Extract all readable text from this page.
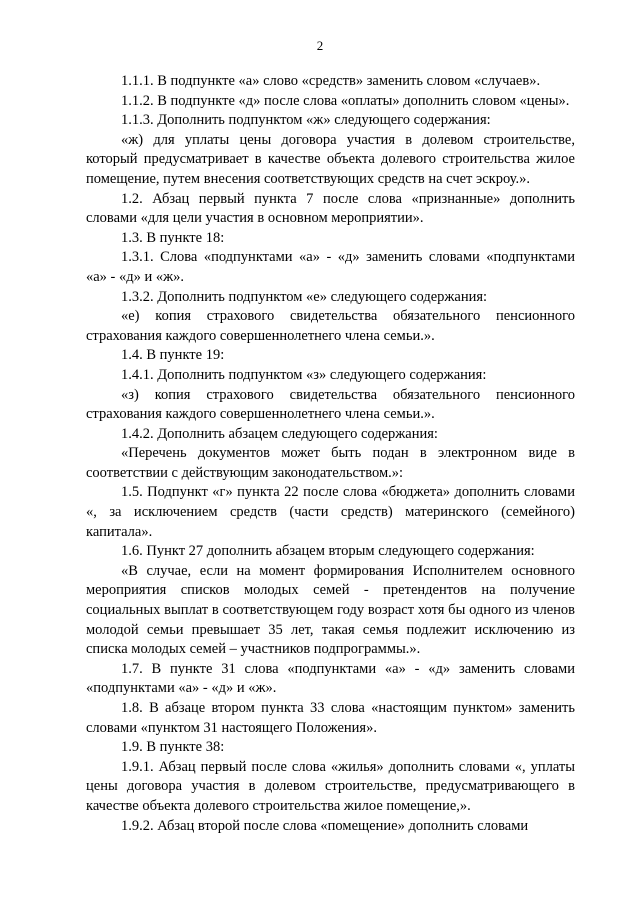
2

1.1.1. В подпункте «а» слово «средств» заменить словом «случаев».

1.1.2. В подпункте «д» после слова «оплаты» дополнить словом «цены».

1.1.3. Дополнить подпунктом «ж» следующего содержания:

«ж) для уплаты цены договора участия в долевом строительстве, который предусматривает в качестве объекта долевого строительства жилое помещение, путем внесения соответствующих средств на счет эскроу.».

1.2. Абзац первый пункта 7 после слова «признанные» дополнить словами «для цели участия в основном мероприятии».

1.3. В пункте 18:

1.3.1. Слова «подпунктами «а» - «д» заменить словами «подпунктами «а» - «д» и «ж».

1.3.2. Дополнить подпунктом «е» следующего содержания:

«е) копия страхового свидетельства обязательного пенсионного страхования каждого совершеннолетнего члена семьи.».

1.4. В пункте 19:

1.4.1. Дополнить подпунктом «з» следующего содержания:

«з) копия страхового свидетельства обязательного пенсионного страхования каждого совершеннолетнего члена семьи.».

1.4.2. Дополнить абзацем следующего содержания:

«Перечень документов может быть подан в электронном виде в соответствии с действующим законодательством.»:

1.5. Подпункт «г» пункта 22 после слова «бюджета» дополнить словами «, за исключением средств (части средств) материнского (семейного) капитала».

1.6. Пункт 27 дополнить абзацем вторым следующего содержания:

«В случае, если на момент формирования Исполнителем основного мероприятия списков молодых семей - претендентов на получение социальных выплат в соответствующем году возраст хотя бы одного из членов молодой семьи превышает 35 лет, такая семья подлежит исключению из списка молодых семей – участников подпрограммы.».

1.7. В пункте 31 слова «подпунктами «а» - «д» заменить словами «подпунктами «а» - «д» и «ж».

1.8. В абзаце втором пункта 33 слова «настоящим пунктом» заменить словами «пунктом 31 настоящего Положения».

1.9. В пункте 38:

1.9.1. Абзац первый после слова «жилья» дополнить словами «, уплаты цены договора участия в долевом строительстве, предусматривающего в качестве объекта долевого строительства жилое помещение,».

1.9.2. Абзац второй после слова «помещение» дополнить словами
